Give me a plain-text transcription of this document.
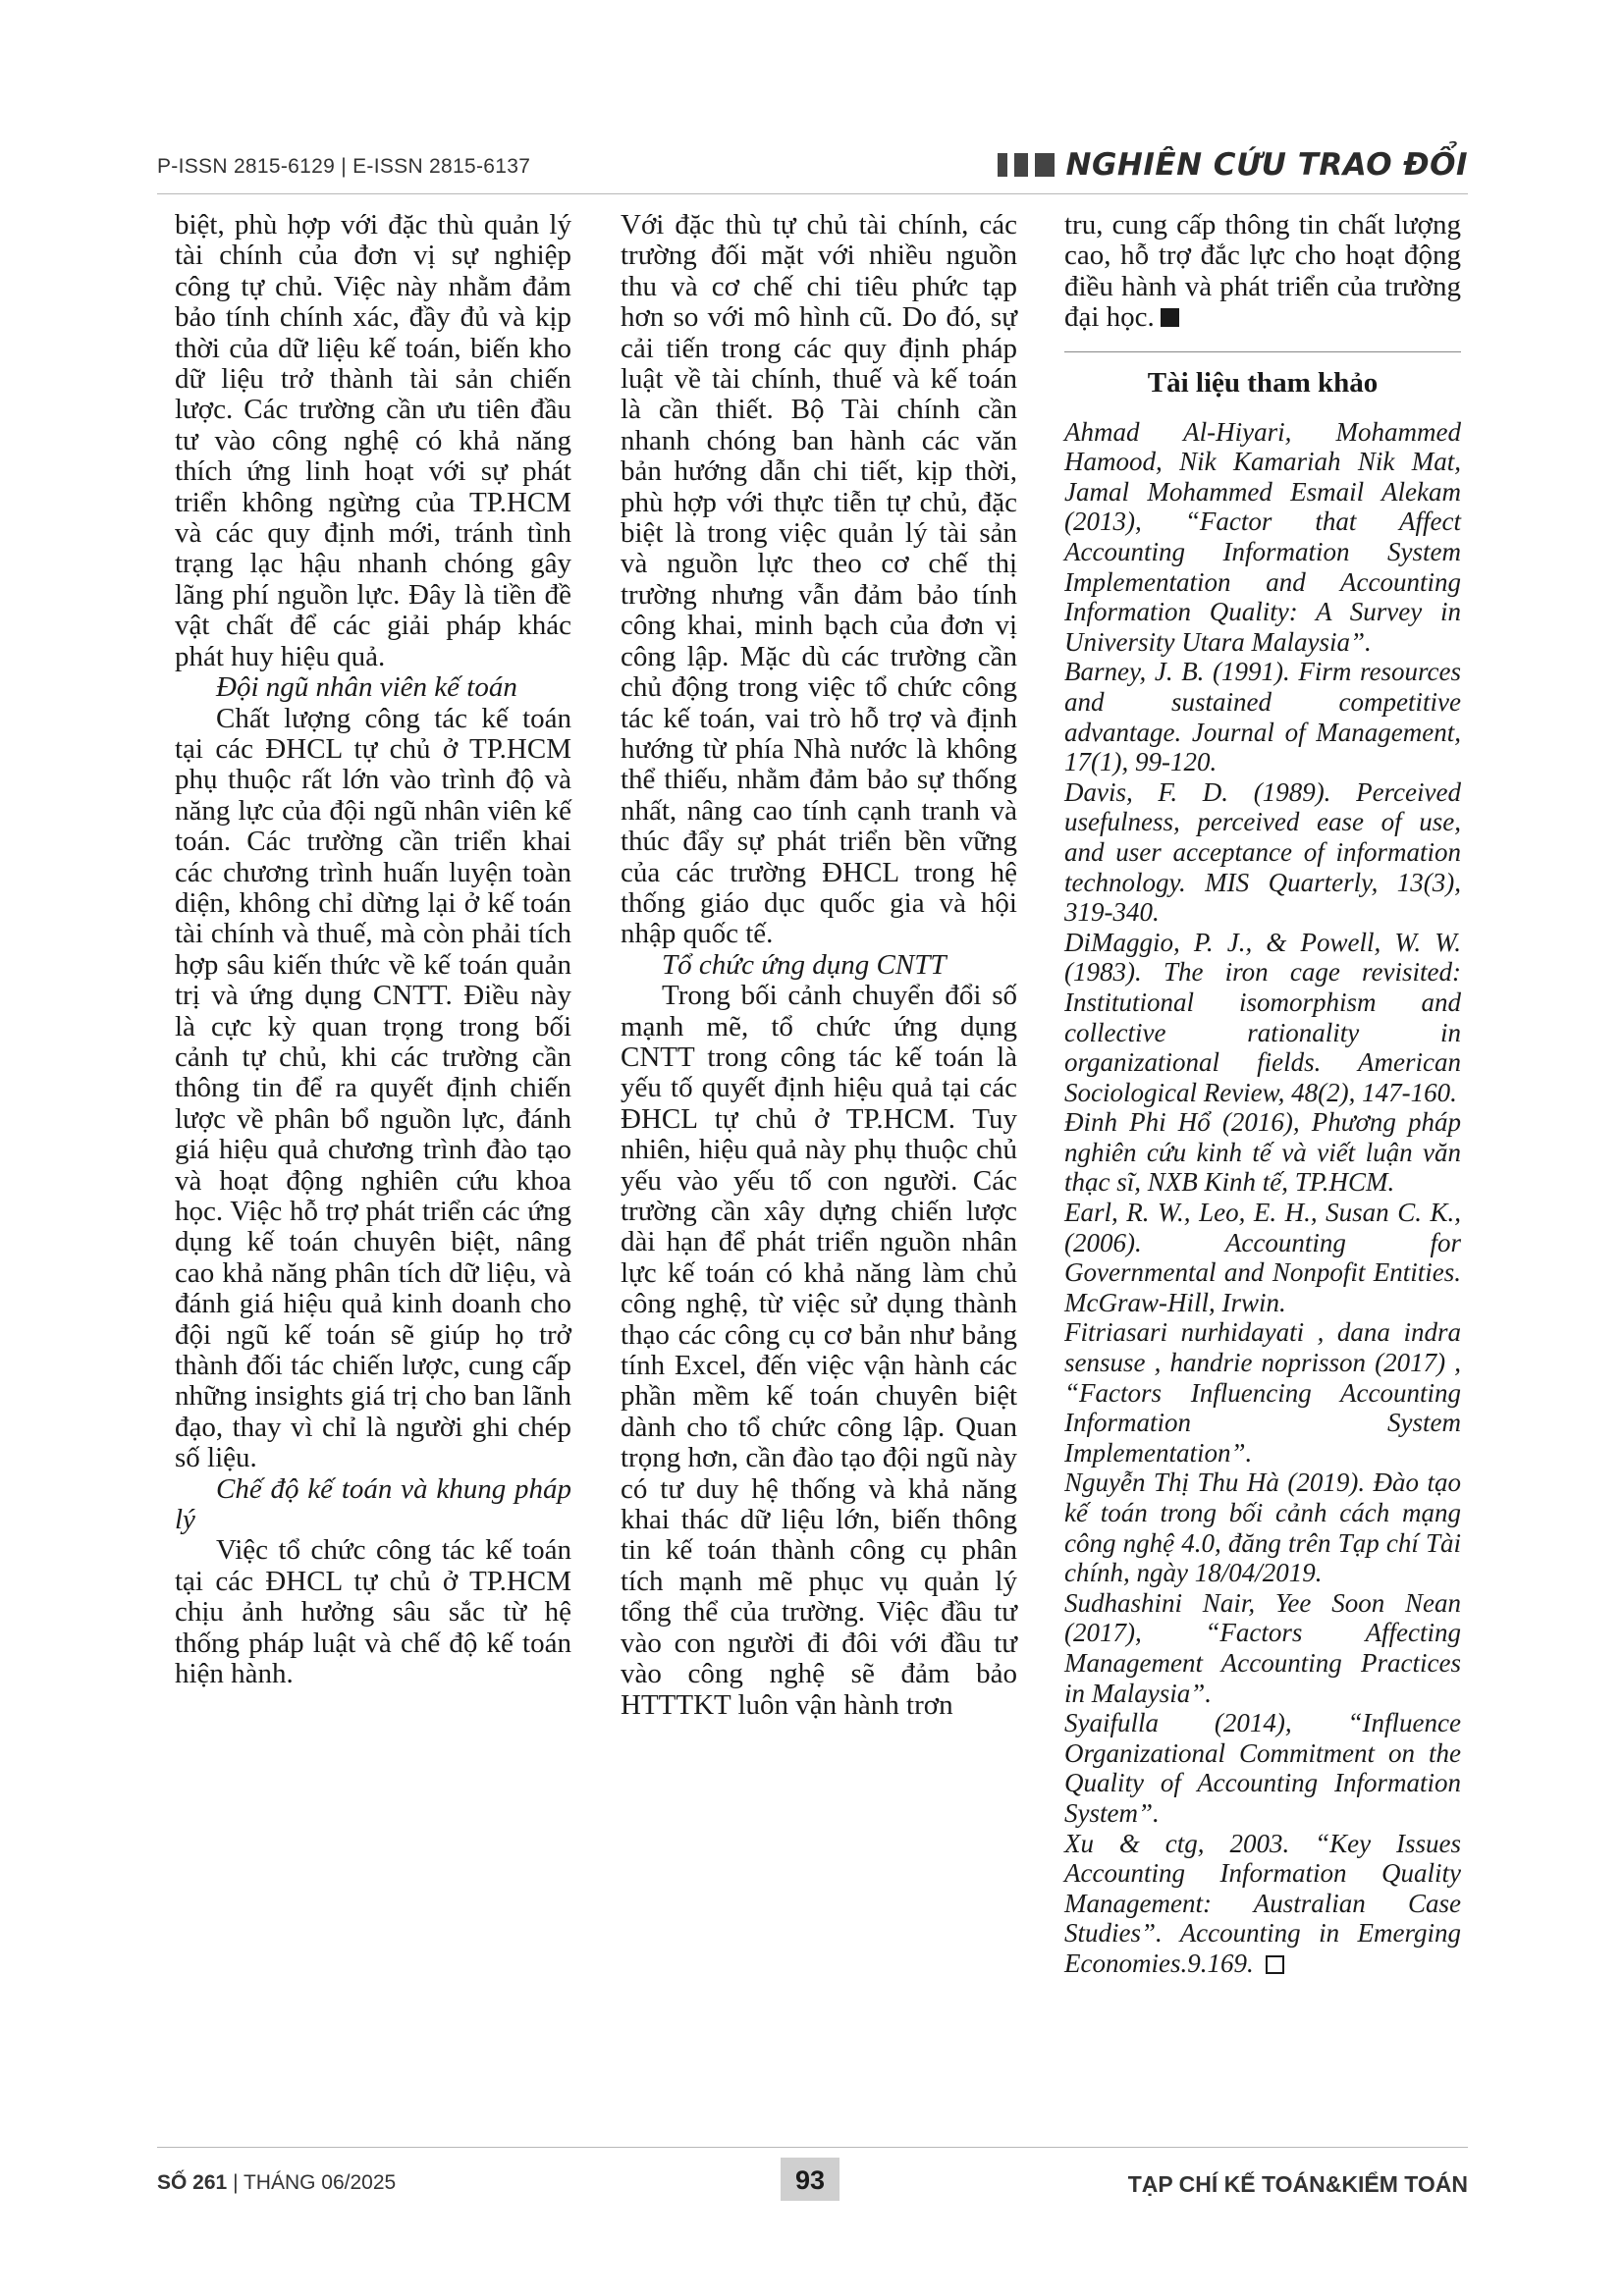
P-ISSN 2815-6129 | E-ISSN 2815-6137	NGHIÊN CỨU TRAO ĐỔI

biệt, phù hợp với đặc thù quản lý tài chính của đơn vị sự nghiệp công tự chủ. Việc này nhằm đảm bảo tính chính xác, đầy đủ và kịp thời của dữ liệu kế toán, biến kho dữ liệu trở thành tài sản chiến lược. Các trường cần ưu tiên đầu tư vào công nghệ có khả năng thích ứng linh hoạt với sự phát triển không ngừng của TP.HCM và các quy định mới, tránh tình trạng lạc hậu nhanh chóng gây lãng phí nguồn lực. Đây là tiền đề vật chất để các giải pháp khác phát huy hiệu quả.

Đội ngũ nhân viên kế toán

Chất lượng công tác kế toán tại các ĐHCL tự chủ ở TP.HCM phụ thuộc rất lớn vào trình độ và năng lực của đội ngũ nhân viên kế toán. Các trường cần triển khai các chương trình huấn luyện toàn diện, không chỉ dừng lại ở kế toán tài chính và thuế, mà còn phải tích hợp sâu kiến thức về kế toán quản trị và ứng dụng CNTT. Điều này là cực kỳ quan trọng trong bối cảnh tự chủ, khi các trường cần thông tin để ra quyết định chiến lược về phân bổ nguồn lực, đánh giá hiệu quả chương trình đào tạo và hoạt động nghiên cứu khoa học. Việc hỗ trợ phát triển các ứng dụng kế toán chuyên biệt, nâng cao khả năng phân tích dữ liệu, và đánh giá hiệu quả kinh doanh cho đội ngũ kế toán sẽ giúp họ trở thành đối tác chiến lược, cung cấp những insights giá trị cho ban lãnh đạo, thay vì chỉ là người ghi chép số liệu.

Chế độ kế toán và khung pháp lý

Việc tổ chức công tác kế toán tại các ĐHCL tự chủ ở TP.HCM chịu ảnh hưởng sâu sắc từ hệ thống pháp luật và chế độ kế toán hiện hành.

Với đặc thù tự chủ tài chính, các trường đối mặt với nhiều nguồn thu và cơ chế chi tiêu phức tạp hơn so với mô hình cũ. Do đó, sự cải tiến trong các quy định pháp luật về tài chính, thuế và kế toán là cần thiết. Bộ Tài chính cần nhanh chóng ban hành các văn bản hướng dẫn chi tiết, kịp thời, phù hợp với thực tiễn tự chủ, đặc biệt là trong việc quản lý tài sản và nguồn lực theo cơ chế thị trường nhưng vẫn đảm bảo tính công khai, minh bạch của đơn vị công lập. Mặc dù các trường cần chủ động trong việc tổ chức công tác kế toán, vai trò hỗ trợ và định hướng từ phía Nhà nước là không thể thiếu, nhằm đảm bảo sự thống nhất, nâng cao tính cạnh tranh và thúc đẩy sự phát triển bền vững của các trường ĐHCL trong hệ thống giáo dục quốc gia và hội nhập quốc tế.

Tổ chức ứng dụng CNTT

Trong bối cảnh chuyển đổi số mạnh mẽ, tổ chức ứng dụng CNTT trong công tác kế toán là yếu tố quyết định hiệu quả tại các ĐHCL tự chủ ở TP.HCM. Tuy nhiên, hiệu quả này phụ thuộc chủ yếu vào yếu tố con người. Các trường cần xây dựng chiến lược dài hạn để phát triển nguồn nhân lực kế toán có khả năng làm chủ công nghệ, từ việc sử dụng thành thạo các công cụ cơ bản như bảng tính Excel, đến việc vận hành các phần mềm kế toán chuyên biệt dành cho tổ chức công lập. Quan trọng hơn, cần đào tạo đội ngũ này có tư duy hệ thống và khả năng khai thác dữ liệu lớn, biến thông tin kế toán thành công cụ phân tích mạnh mẽ phục vụ quản lý tổng thể của trường. Việc đầu tư vào con người đi đôi với đầu tư vào công nghệ sẽ đảm bảo HTTTKT luôn vận hành trơn

tru, cung cấp thông tin chất lượng cao, hỗ trợ đắc lực cho hoạt động điều hành và phát triển của trường đại học.

Tài liệu tham khảo

Ahmad Al-Hiyari, Mohammed Hamood, Nik Kamariah Nik Mat, Jamal Mohammed Esmail Alekam (2013), “Factor that Affect Accounting Information System Implementation and Accounting Information Quality: A Survey in University Utara Malaysia”.

Barney, J. B. (1991). Firm resources and sustained competitive advantage. Journal of Management, 17(1), 99-120.

Davis, F. D. (1989). Perceived usefulness, perceived ease of use, and user acceptance of information technology. MIS Quarterly, 13(3), 319-340.

DiMaggio, P. J., & Powell, W. W. (1983). The iron cage revisited: Institutional isomorphism and collective rationality in organizational fields. American Sociological Review, 48(2), 147-160.

Đinh Phi Hổ (2016), Phương pháp nghiên cứu kinh tế và viết luận văn thạc sĩ, NXB Kinh tế, TP.HCM.

Earl, R. W., Leo, E. H., Susan C. K., (2006). Accounting for Governmental and Nonpofit Entities. McGraw-Hill, Irwin.

Fitriasari nurhidayati , dana indra sensuse , handrie noprisson (2017) , “Factors Influencing Accounting Information System Implementation”.

Nguyễn Thị Thu Hà (2019). Đào tạo kế toán trong bối cảnh cách mạng công nghệ 4.0, đăng trên Tạp chí Tài chính, ngày 18/04/2019.

Sudhashini Nair, Yee Soon Nean (2017), “Factors Affecting Management Accounting Practices in Malaysia”.

Syaifulla (2014), “Influence Organizational Commitment on the Quality of Accounting Information System”.

Xu & ctg, 2003. “Key Issues Accounting Information Quality Management: Australian Case Studies”. Accounting in Emerging Economies.9.169.

SỐ 261 | THÁNG 06/2025	93	TẠP CHÍ KẾ TOÁN&KIỂM TOÁN
